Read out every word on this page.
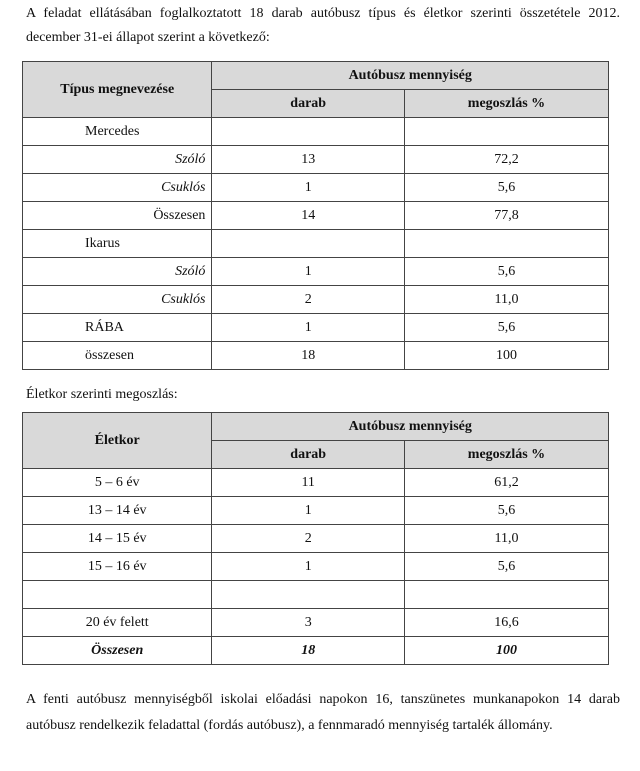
A feladat ellátásában foglalkoztatott 18 darab autóbusz típus és életkor szerinti összetétele 2012. december 31-ei állapot szerint a következő:
Típus megnevezése	Autóbusz mennyiség	
	darab	megoszlás %
Mercedes		
Szóló	13	72,2
Csuklós	1	5,6
Összesen	14	77,8
Ikarus		
Szóló	1	5,6
Csuklós	2	11,0
RÁBA	1	5,6
összesen	18	100
Életkor szerinti megoszlás:
Életkor	Autóbusz mennyiség	
	darab	megoszlás %
5 – 6 év	11	61,2
13 – 14 év	1	5,6
14 – 15 év	2	11,0
15 – 16 év	1	5,6

20 év felett	3	16,6
Összesen	18	100
A fenti autóbusz mennyiségből iskolai előadási napokon 16, tanszünetes munkanapokon 14 darab autóbusz rendelkezik feladattal (fordás autóbusz), a fennmaradó mennyiség tartalék állomány.
